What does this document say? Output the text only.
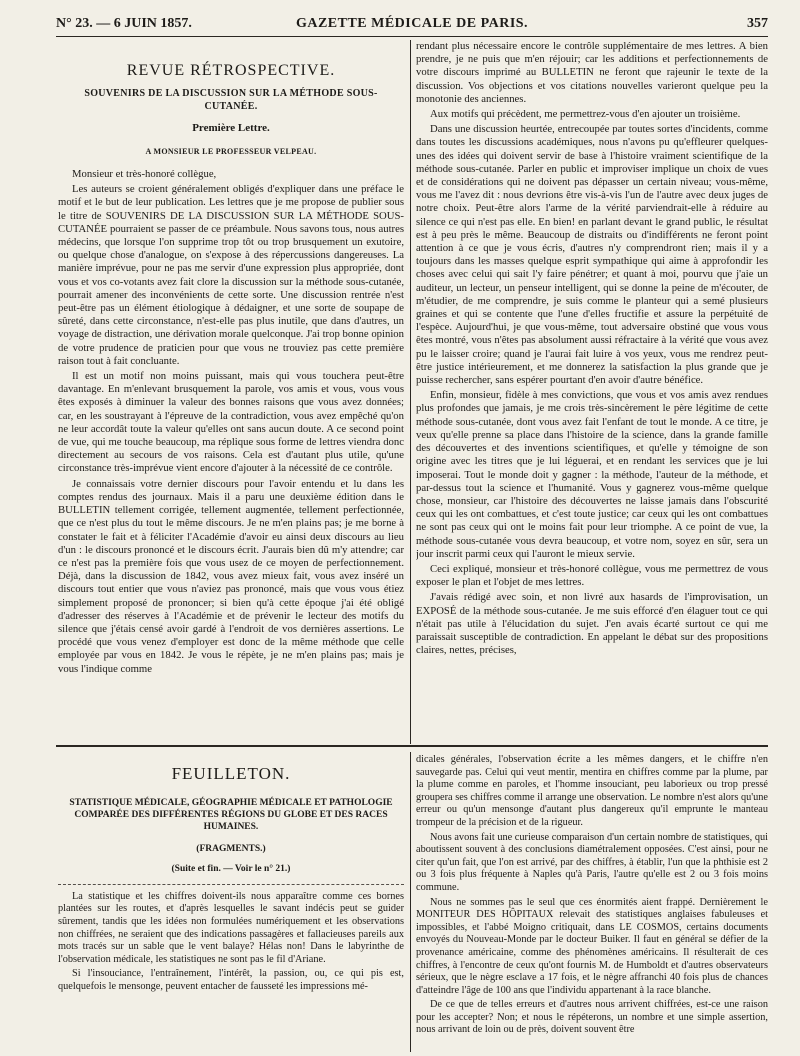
N° 23. — 6 JUIN 1857.	GAZETTE MÉDICALE DE PARIS.	357
REVUE RÉTROSPECTIVE.
SOUVENIRS DE LA DISCUSSION SUR LA MÉTHODE SOUS-CUTANÉE.
Première Lettre.
A MONSIEUR LE PROFESSEUR VELPEAU.

Monsieur et très-honoré collègue,

Les auteurs se croient généralement obligés d'expliquer dans une préface le motif et le but de leur publication. Les lettres que je me propose de publier sous le titre de SOUVENIRS DE LA DISCUSSION SUR LA MÉTHODE SOUS-CUTANÉE pourraient se passer de ce préambule. Nous savons tous, nous autres médecins, que lorsque l'on supprime trop tôt ou trop brusquement un exutoire, ou quelque chose d'analogue, on s'expose à des répercussions dangereuses. La manière imprévue, pour ne pas me servir d'une expression plus appropriée, dont vous et vos co-votants avez fait clore la discussion sur la méthode sous-cutanée, pourrait amener des inconvénients de cette sorte. Une discussion rentrée n'est peut-être pas un élément étiologique à dédaigner, et une sorte de soupape de sûreté, dans cette circonstance, n'est-elle pas plus inutile, que dans d'autres, un voyage de distraction, une dérivation morale quelconque. J'ai trop bonne opinion de votre prudence de praticien pour que vous ne trouviez pas cette première raison tout à fait concluante.

Il est un motif non moins puissant, mais qui vous touchera peut-être davantage. En m'enlevant brusquement la parole, vos amis et vous, vous vous êtes exposés à diminuer la valeur des bonnes raisons que vous avez données; car, en les soustrayant à l'épreuve de la contradiction, vous avez empêché qu'on ne leur accordât toute la valeur qu'elles ont sans aucun doute. A ce second point de vue, qui me touche beaucoup, ma réplique sous forme de lettres viendra donc directement au secours de vos raisons. Cela est d'autant plus utile, qu'une circonstance très-imprévue vient encore d'ajouter à la nécessité de ce contrôle.

Je connaissais votre dernier discours pour l'avoir entendu et lu dans les comptes rendus des journaux. Mais il a paru une deuxième édition dans le BULLETIN tellement corrigée, tellement augmentée, tellement perfectionnée, que ce n'est plus du tout le même discours. Je ne m'en plains pas; je me borne à constater le fait et à féliciter l'Académie d'avoir eu ainsi deux discours au lieu d'un : le discours prononcé et le discours écrit. J'aurais bien dû m'y attendre; car ce n'est pas la première fois que vous usez de ce moyen de perfectionnement. Déjà, dans la discussion de 1842, vous avez mieux fait, vous avez inséré un discours tout entier que vous n'aviez pas prononcé, mais que vous vous étiez simplement proposé de prononcer; si bien qu'à cette époque j'ai été obligé d'adresser des réserves à l'Académie et de prévenir le lecteur des motifs du silence que j'étais censé avoir gardé à l'endroit de vos dernières assertions. Le procédé que vous venez d'employer est donc de la même méthode que celle employée par vous en 1842. Je vous le répète, je ne m'en plains pas; mais je vous l'indique comme

rendant plus nécessaire encore le contrôle supplémentaire de mes lettres. A bien prendre, je ne puis que m'en réjouir; car les additions et perfectionnements de votre discours imprimé au BULLETIN ne feront que rajeunir le texte de la discussion. Vos objections et vos citations nouvelles varieront quelque peu la monotonie des anciennes.

Aux motifs qui précèdent, me permettrez-vous d'en ajouter un troisième.

Dans une discussion heurtée, entrecoupée par toutes sortes d'incidents, comme dans toutes les discussions académiques, nous n'avons pu qu'effleurer quelques-unes des idées qui doivent servir de base à l'histoire vraiment scientifique de la méthode sous-cutanée. Parler en public et improviser implique un choix de vues et de considérations qui ne doivent pas dépasser un certain niveau; vous-même, vous me l'avez dit : nous devrions être vis-à-vis l'un de l'autre avec deux juges de notre choix. Peut-être alors l'arme de la vérité parviendrait-elle à réduire au silence ce qui n'est pas elle. En bien! en parlant devant le grand public, le résultat est à peu près le même. Beaucoup de distraits ou d'indifférents ne feront point attention à ce que je vous écris, d'autres n'y comprendront rien; mais il y a toujours dans les masses quelque esprit sympathique qui aime à approfondir les choses avec celui qui sait l'y faire pénétrer; et quant à moi, pourvu que j'aie un auditeur, un lecteur, un penseur intelligent, qui se donne la peine de m'écouter, de m'étudier, de me comprendre, je suis comme le planteur qui a semé plusieurs graines et qui se contente que l'une d'elles fructifie et assure la perpétuité de l'espèce. Aujourd'hui, je que vous-même, tout adversaire obstiné que vous vous êtes montré, vous n'êtes pas absolument aussi réfractaire à la vérité que vous avez pu le laisser croire; quand je l'aurai fait luire à vos yeux, vous me rendrez peut-être justice intérieurement, et me donnerez la satisfaction la plus grande que je puisse rechercher, sans espérer pourtant d'en avoir d'autre bénéfice.

Enfin, monsieur, fidèle à mes convictions, que vous et vos amis avez rendues plus profondes que jamais, je me crois très-sincèrement le père légitime de cette méthode sous-cutanée, dont vous avez fait l'enfant de tout le monde. A ce titre, je veux qu'elle prenne sa place dans l'histoire de la science, dans la grande famille des découvertes et des inventions scientifiques, et qu'elle y témoigne de son origine avec les titres que je lui léguerai, et en rendant les services que je lui imposerai. Tout le monde doit y gagner : la méthode, l'auteur de la méthode, et par-dessus tout la science et l'humanité. Vous y gagnerez vous-même quelque chose, monsieur, car l'histoire des découvertes ne laisse jamais dans l'obscurité ceux qui les ont combattues, et c'est toute justice; car ceux qui les ont combattues ne sont pas ceux qui ont le moins fait pour leur triomphe. A ce point de vue, la méthode sous-cutanée vous devra beaucoup, et votre nom, soyez en sûr, sera un jour inscrit parmi ceux qui l'auront le mieux servie.

Ceci expliqué, monsieur et très-honoré collègue, vous me permettrez de vous exposer le plan et l'objet de mes lettres.

J'avais rédigé avec soin, et non livré aux hasards de l'improvisation, un EXPOSÉ de la méthode sous-cutanée. Je me suis efforcé d'en élaguer tout ce qui n'était pas utile à l'élucidation du sujet. J'en avais écarté surtout ce qui me paraissait susceptible de contradiction. En appelant le débat sur des propositions claires, nettes, précises,

FEUILLETON.
STATISTIQUE MÉDICALE, GÉOGRAPHIE MÉDICALE ET PATHOLOGIE COMPARÉE DES DIFFÉRENTES RÉGIONS DU GLOBE ET DES RACES HUMAINES.
(FRAGMENTS.)
(Suite et fin. — Voir le n° 21.)

La statistique et les chiffres doivent-ils nous apparaître comme ces bornes plantées sur les routes, et d'après lesquelles le savant indécis peut se guider sûrement, tandis que les idées non formulées numériquement et les observations non chiffrées, ne seraient que des indications passagères et fallacieuses pareils aux mots tracés sur un sable que le vent balaye? Hélas non! Dans le labyrinthe de l'observation médicale, les statistiques ne sont pas le fil d'Ariane.

Si l'insouciance, l'entraînement, l'intérêt, la passion, ou, ce qui pis est, quelquefois le mensonge, peuvent entacher de fausseté les impressions mé-

dicales générales, l'observation écrite a les mêmes dangers, et le chiffre n'en sauvegarde pas. Celui qui veut mentir, mentira en chiffres comme par la plume, par la plume comme en paroles, et l'homme insouciant, peu laborieux ou trop pressé groupera ses chiffres comme il arrange une observation. Le nombre n'est alors qu'une erreur ou qu'un mensonge d'autant plus dangereux qu'il emprunte le manteau trompeur de la précision et de la rigueur.

Nous avons fait une curieuse comparaison d'un certain nombre de statistiques, qui aboutissent souvent à des conclusions diamétralement opposées. C'est ainsi, pour ne citer qu'un fait, que l'on est arrivé, par des chiffres, à établir, l'un que la phthisie est 2 ou 3 fois plus fréquente à Naples qu'à Paris, l'autre qu'elle est 2 ou 3 fois moins commune.

Nous ne sommes pas le seul que ces énormités aient frappé. Dernièrement le MONITEUR DES HÔPITAUX relevait des statistiques anglaises fabuleuses et impossibles, et l'abbé Moigno critiquait, dans LE COSMOS, certains documents envoyés du Nouveau-Monde par le docteur Buiker. Il faut en général se défier de la provenance américaine, comme des phénomènes américains. Il résulterait de ces chiffres, à l'encontre de ceux qu'ont fournis M. de Humboldt et d'autres observateurs sérieux, que le nègre esclave a 17 fois, et le nègre affranchi 40 fois plus de chances d'atteindre l'âge de 100 ans que l'individu appartenant à la race blanche.

De ce que de telles erreurs et d'autres nous arrivent chiffrées, est-ce une raison pour les accepter? Non; et nous le répéterons, un nombre et une simple assertion, nous arrivant de loin ou de près, doivent souvent être
